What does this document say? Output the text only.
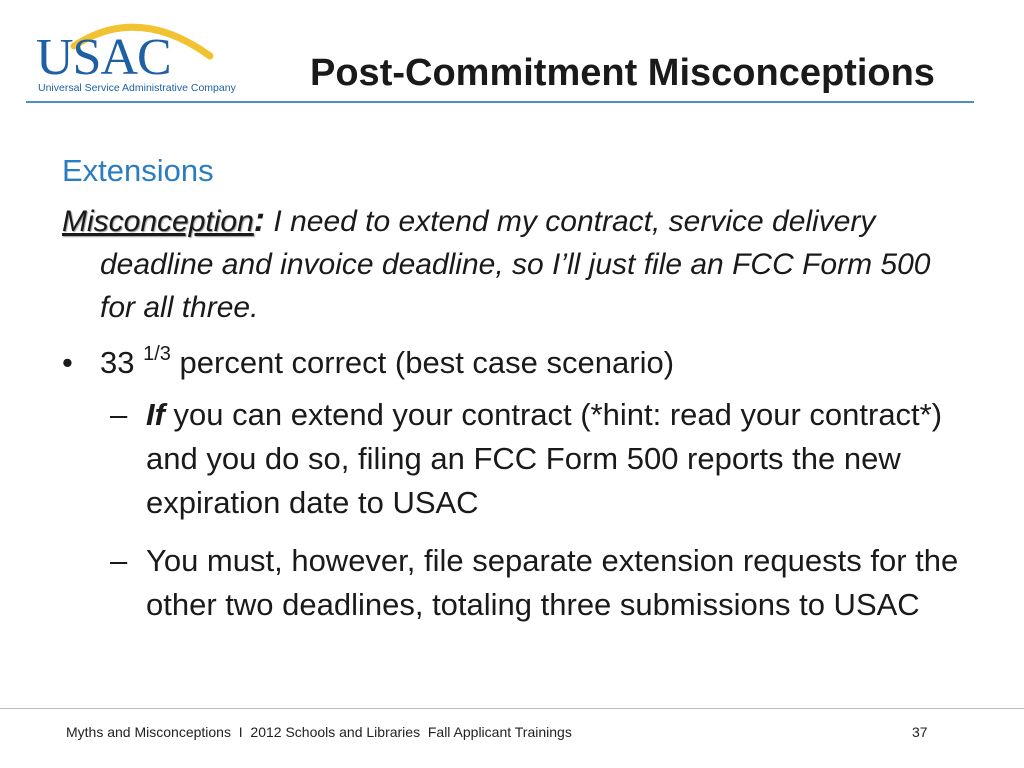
USAC
Universal Service Administrative Company Post-Commitment Misconceptions
Extensions

Misconception: I need to extend my contract, service delivery deadline and invoice deadline, so I’ll just file an FCC Form 500 for all three.

• 33 $^{1/3}$ percent correct (best case scenario)
– If you can extend your contract (*hint: read your contract*) and you do so, filing an FCC Form 500 reports the new expiration date to USAC
– You must, however, file separate extension requests for the other two deadlines, totaling three submissions to USAC
Myths and Misconceptions  I  2012 Schools and Libraries  Fall Applicant Trainings	37
